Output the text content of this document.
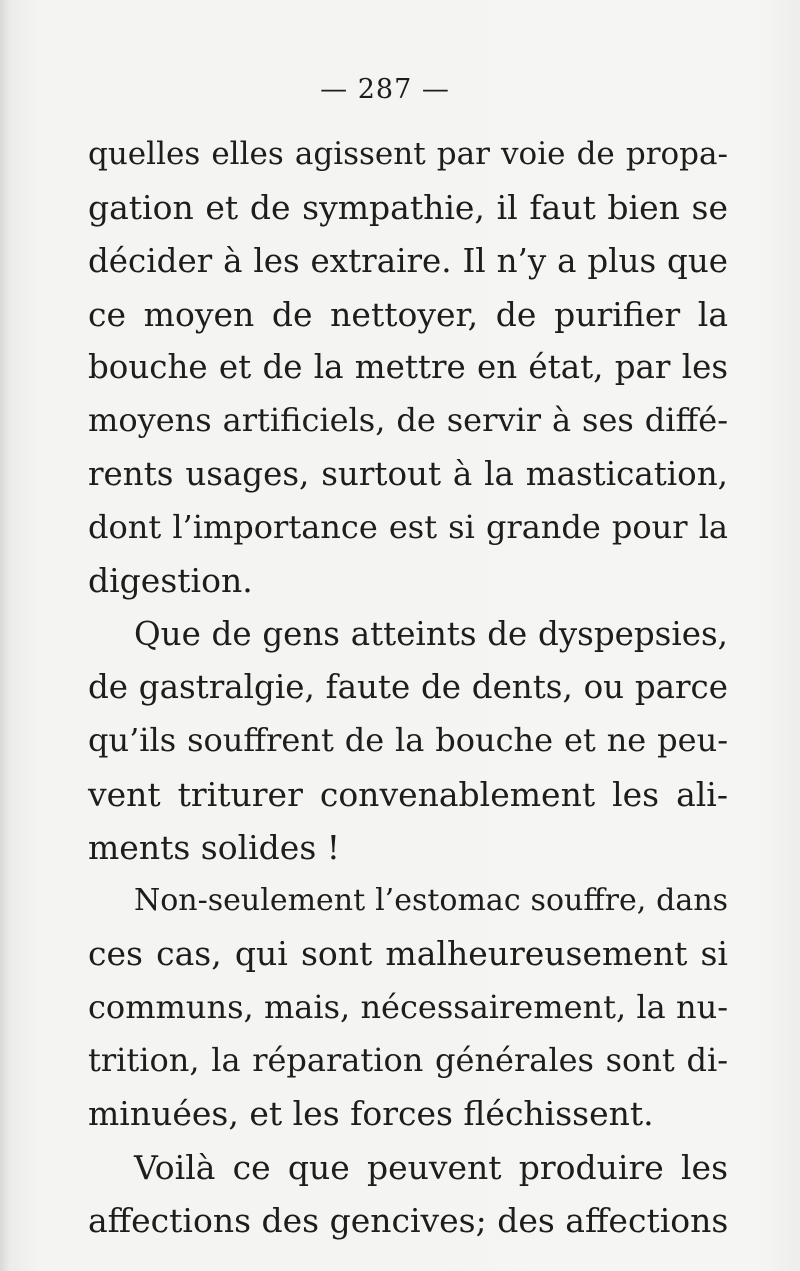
— 287 —
quelles elles agissent par voie de propa-
gation et de sympathie, il faut bien se
décider à les extraire. Il n’y a plus que
ce moyen de nettoyer, de purifier la
bouche et de la mettre en état, par les
moyens artificiels, de servir à ses diffé-
rents usages, surtout à la mastication,
dont l’importance est si grande pour la
digestion.
Que de gens atteints de dyspepsies,
de gastralgie, faute de dents, ou parce
qu’ils souffrent de la bouche et ne peu-
vent triturer convenablement les ali-
ments solides !
Non-seulement l’estomac souffre, dans
ces cas, qui sont malheureusement si
communs, mais, nécessairement, la nu-
trition, la réparation générales sont di-
minuées, et les forces fléchissent.
Voilà ce que peuvent produire les
affections des gencives; des affections
